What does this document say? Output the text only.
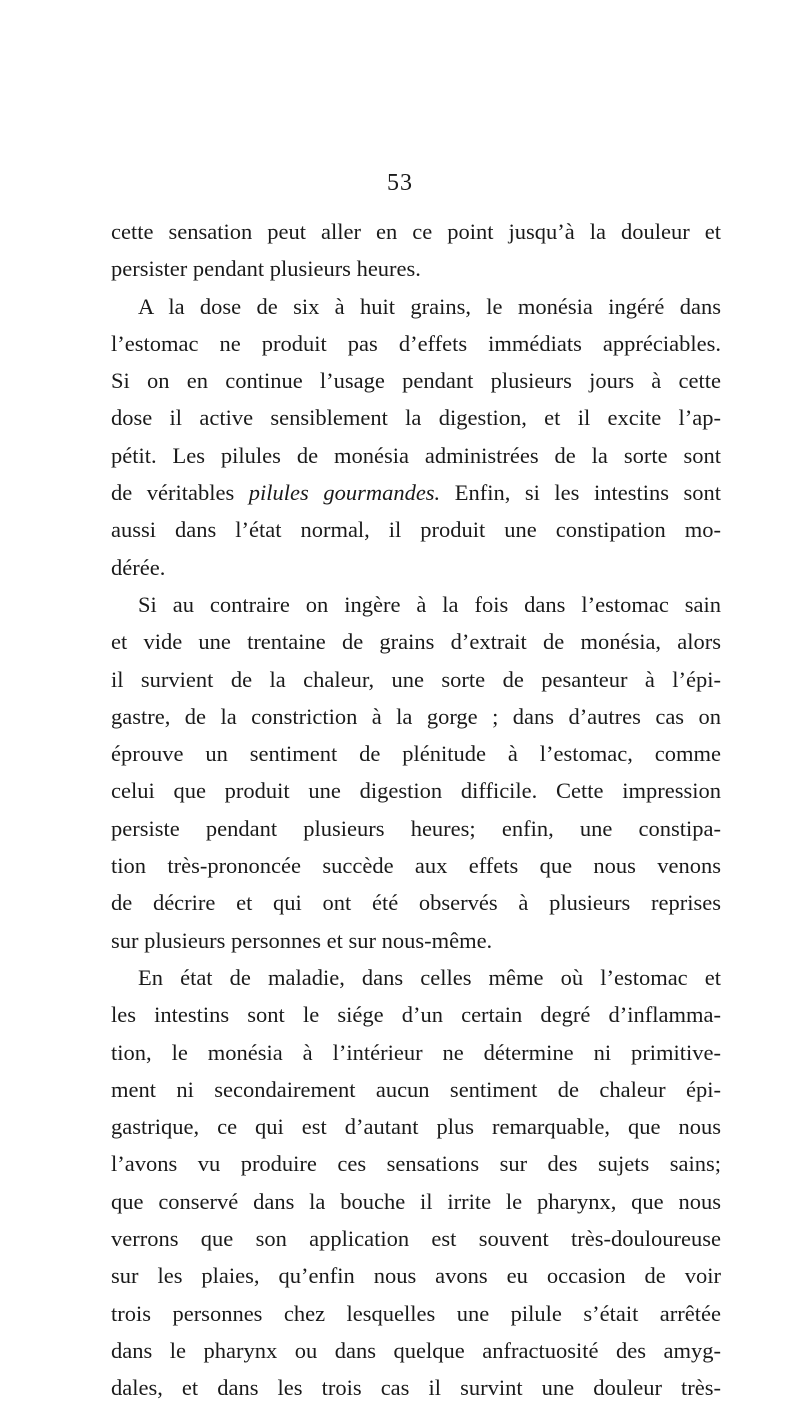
53
cette sensation peut aller en ce point jusqu’à la douleur et
persister pendant plusieurs heures.
A la dose de six à huit grains, le monésia ingéré dans
l’estomac ne produit pas d’effets immédiats appréciables.
Si on en continue l’usage pendant plusieurs jours à cette
dose il active sensiblement la digestion, et il excite l’ap-
pétit. Les pilules de monésia administrées de la sorte sont
de véritables pilules gourmandes. Enfin, si les intestins sont
aussi dans l’état normal, il produit une constipation mo-
dérée.
Si au contraire on ingère à la fois dans l’estomac sain
et vide une trentaine de grains d’extrait de monésia, alors
il survient de la chaleur, une sorte de pesanteur à l’épi-
gastre, de la constriction à la gorge ; dans d’autres cas on
éprouve un sentiment de plénitude à l’estomac, comme
celui que produit une digestion difficile. Cette impression
persiste pendant plusieurs heures; enfin, une constipa-
tion très-prononcée succède aux effets que nous venons
de décrire et qui ont été observés à plusieurs reprises
sur plusieurs personnes et sur nous-même.
En état de maladie, dans celles même où l’estomac et
les intestins sont le siége d’un certain degré d’inflamma-
tion, le monésia à l’intérieur ne détermine ni primitive-
ment ni secondairement aucun sentiment de chaleur épi-
gastrique, ce qui est d’autant plus remarquable, que nous
l’avons vu produire ces sensations sur des sujets sains;
que conservé dans la bouche il irrite le pharynx, que nous
verrons que son application est souvent très-douloureuse
sur les plaies, qu’enfin nous avons eu occasion de voir
trois personnes chez lesquelles une pilule s’était arrêtée
dans le pharynx ou dans quelque anfractuosité des amyg-
dales, et dans les trois cas il survint une douleur très-
